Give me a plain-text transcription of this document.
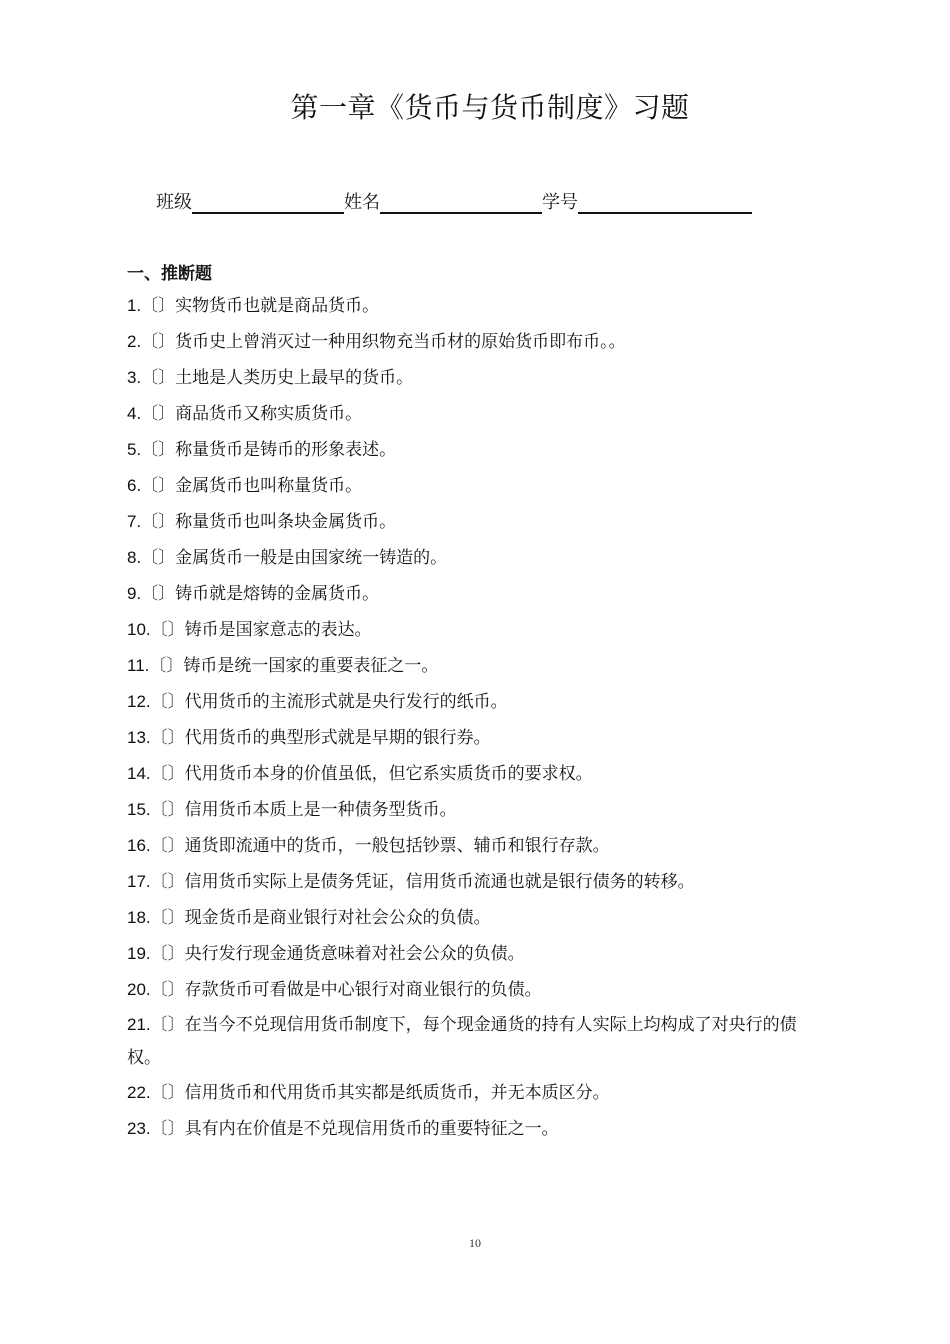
第一章《货币与货币制度》习题
班级	姓名	学号
一、推断题
1.〔〕实物货币也就是商品货币。
2.〔〕货币史上曾消灭过一种用织物充当币材的原始货币即布币。。
3.〔〕土地是人类历史上最早的货币。
4.〔〕商品货币又称实质货币。
5.〔〕称量货币是铸币的形象表述。
6.〔〕金属货币也叫称量货币。
7.〔〕称量货币也叫条块金属货币。
8.〔〕金属货币一般是由国家统一铸造的。
9.〔〕铸币就是熔铸的金属货币。
10.〔〕铸币是国家意志的表达。
11.〔〕铸币是统一国家的重要表征之一。
12.〔〕代用货币的主流形式就是央行发行的纸币。
13.〔〕代用货币的典型形式就是早期的银行券。
14.〔〕代用货币本身的价值虽低，但它系实质货币的要求权。
15.〔〕信用货币本质上是一种债务型货币。
16.〔〕通货即流通中的货币，一般包括钞票、辅币和银行存款。
17.〔〕信用货币实际上是债务凭证，信用货币流通也就是银行债务的转移。
18.〔〕现金货币是商业银行对社会公众的负债。
19.〔〕央行发行现金通货意味着对社会公众的负债。
20.〔〕存款货币可看做是中心银行对商业银行的负债。
21.〔〕在当今不兑现信用货币制度下，每个现金通货的持有人实际上均构成了对央行的债权。
22.〔〕信用货币和代用货币其实都是纸质货币，并无本质区分。
23.〔〕具有内在价值是不兑现信用货币的重要特征之一。
10
